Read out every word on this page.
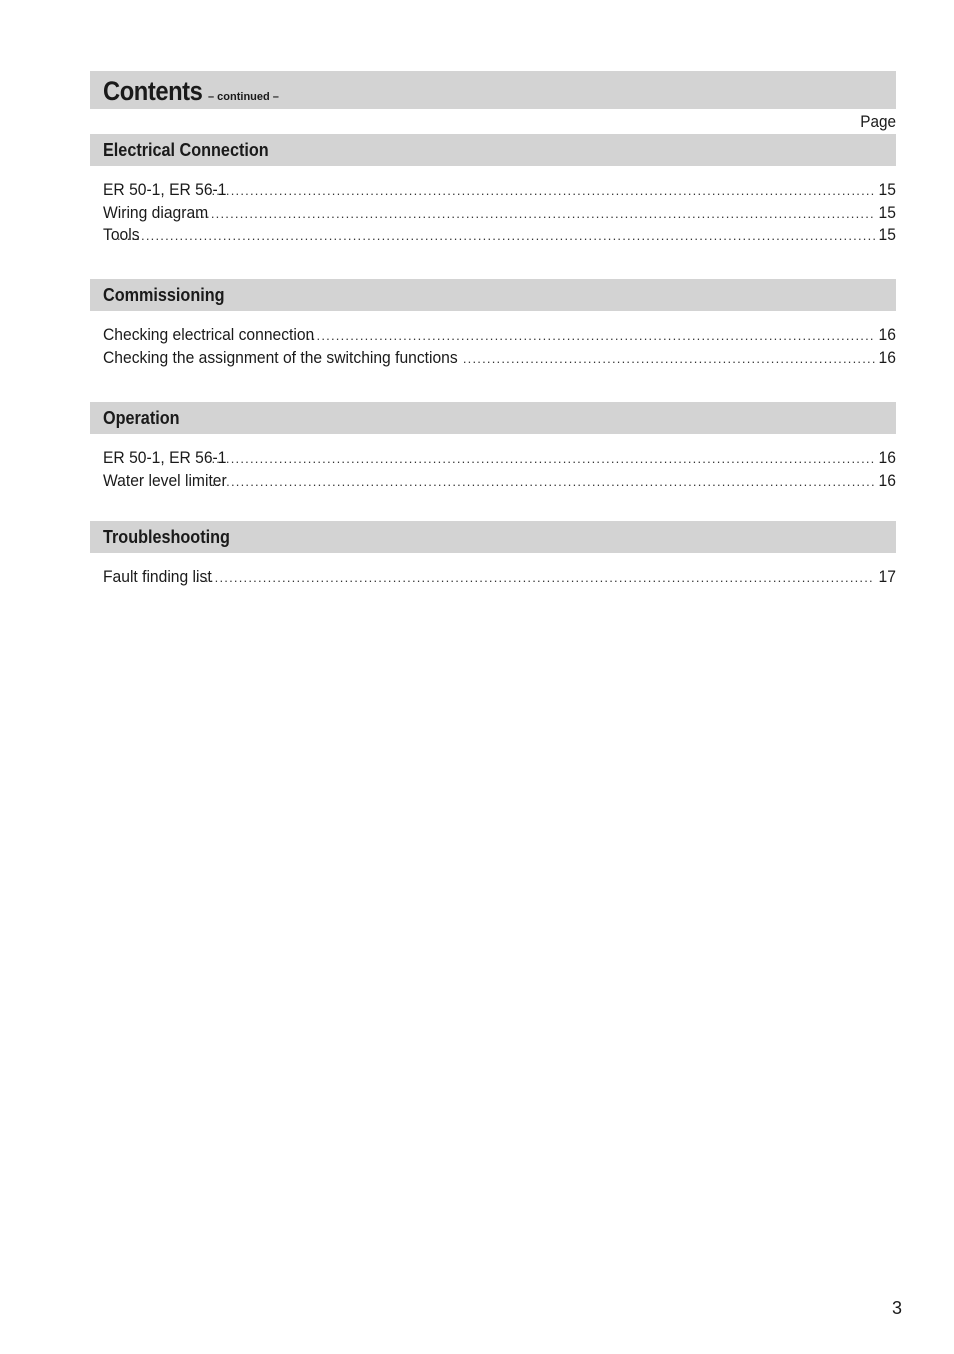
Contents – continued –
Page
Electrical Connection
ER 50-1, ER 56-1 .....	15
Wiring diagram .....	15
Tools .....	15
Commissioning
Checking electrical connection .....	16
Checking the assignment of the switching functions .....	16
Operation
ER 50-1, ER 56-1 .....	16
Water level limiter .....	16
Troubleshooting
Fault finding list .....	17
3
